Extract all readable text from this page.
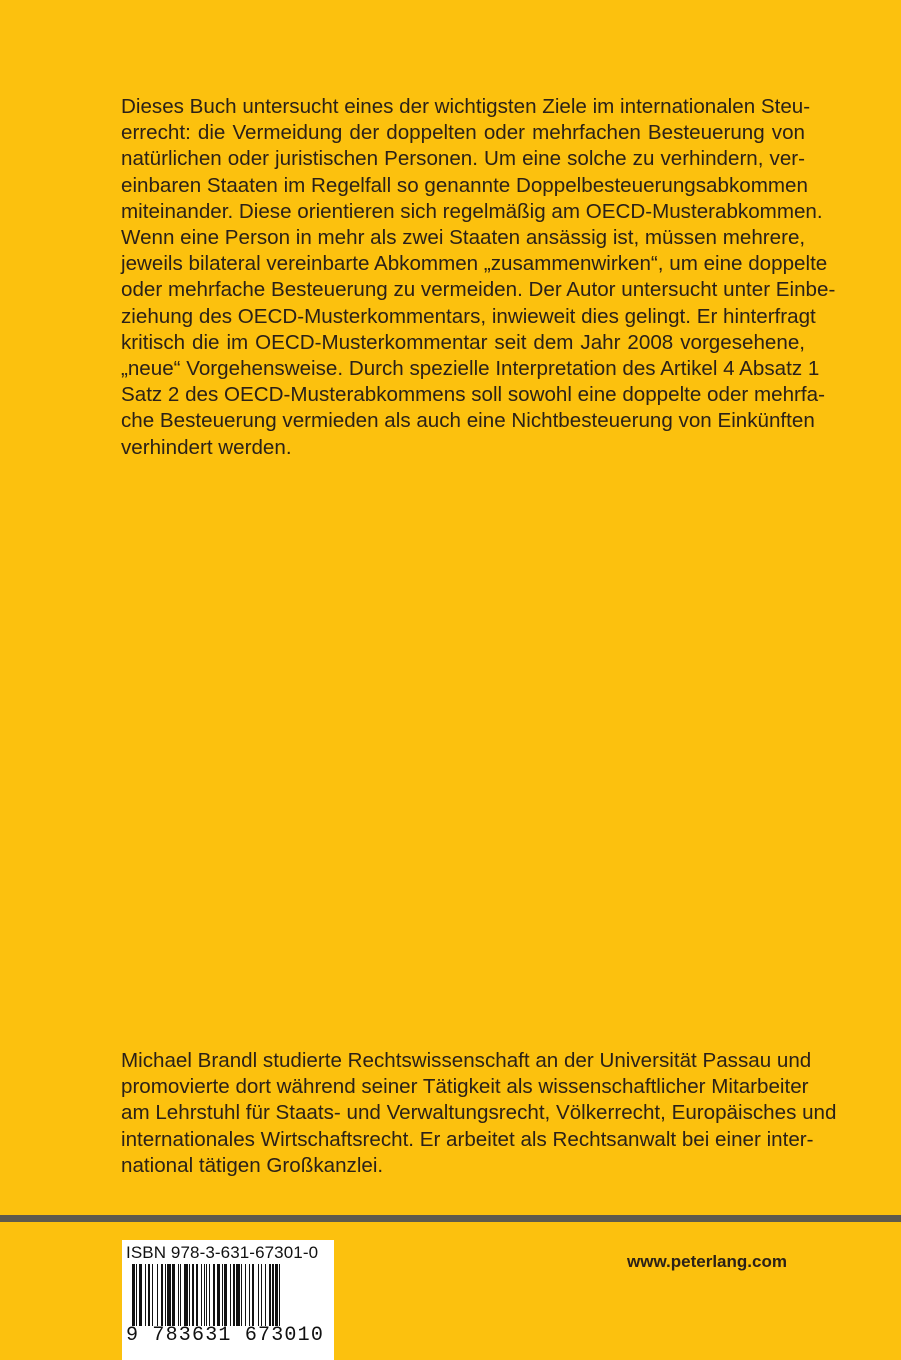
Dieses Buch untersucht eines der wichtigsten Ziele im internationalen Steu-
errecht: die Vermeidung der doppelten oder mehrfachen Besteuerung von
natürlichen oder juristischen Personen. Um eine solche zu verhindern, ver-
einbaren Staaten im Regelfall so genannte Doppelbesteuerungsabkommen
miteinander. Diese orientieren sich regelmäßig am OECD-Musterabkommen.
Wenn eine Person in mehr als zwei Staaten ansässig ist, müssen mehrere,
jeweils bilateral vereinbarte Abkommen „zusammenwirken“, um eine doppelte
oder mehrfache Besteuerung zu vermeiden. Der Autor untersucht unter Einbe-
ziehung des OECD-Musterkommentars, inwieweit dies gelingt. Er hinterfragt
kritisch die im OECD-Musterkommentar seit dem Jahr 2008 vorgesehene,
„neue“ Vorgehensweise. Durch spezielle Interpretation des Artikel 4 Absatz 1
Satz 2 des OECD-Musterabkommens soll sowohl eine doppelte oder mehrfa-
che Besteuerung vermieden als auch eine Nichtbesteuerung von Einkünften
verhindert werden.
Michael Brandl studierte Rechtswissenschaft an der Universität Passau und
promovierte dort während seiner Tätigkeit als wissenschaftlicher Mitarbeiter
am Lehrstuhl für Staats- und Verwaltungsrecht, Völkerrecht, Europäisches und
internationales Wirtschaftsrecht. Er arbeitet als Rechtsanwalt bei einer inter-
national tätigen Großkanzlei.
ISBN 978-3-631-67301-0
9 783631 673010
www.peterlang.com
